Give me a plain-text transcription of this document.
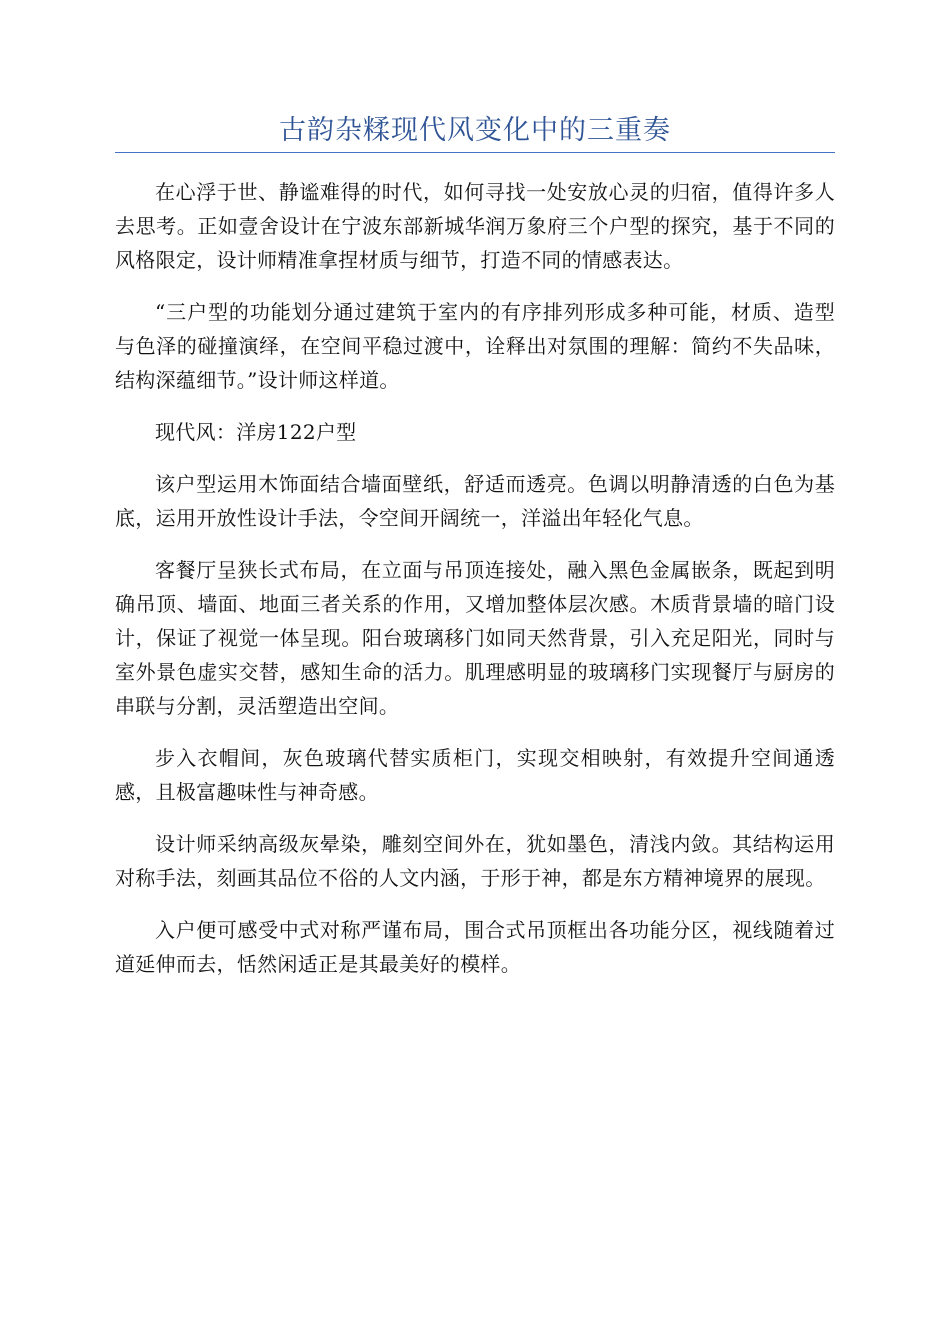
古韵杂糅现代风变化中的三重奏

在心浮于世、静谧难得的时代，如何寻找一处安放心灵的归宿，值得许多人去思考。正如壹舍设计在宁波东部新城华润万象府三个户型的探究，基于不同的风格限定，设计师精准拿捏材质与细节，打造不同的情感表达。

“三户型的功能划分通过建筑于室内的有序排列形成多种可能，材质、造型与色泽的碰撞演绎，在空间平稳过渡中，诠释出对氛围的理解：简约不失品味，结构深蕴细节。”设计师这样道。

现代风：洋房122户型

该户型运用木饰面结合墙面壁纸，舒适而透亮。色调以明静清透的白色为基底，运用开放性设计手法，令空间开阔统一，洋溢出年轻化气息。

客餐厅呈狭长式布局，在立面与吊顶连接处，融入黑色金属嵌条，既起到明确吊顶、墙面、地面三者关系的作用，又增加整体层次感。木质背景墙的暗门设计，保证了视觉一体呈现。阳台玻璃移门如同天然背景，引入充足阳光，同时与室外景色虚实交替，感知生命的活力。肌理感明显的玻璃移门实现餐厅与厨房的串联与分割，灵活塑造出空间。

步入衣帽间，灰色玻璃代替实质柜门，实现交相映射，有效提升空间通透感，且极富趣味性与神奇感。

设计师采纳高级灰晕染，雕刻空间外在，犹如墨色，清浅内敛。其结构运用对称手法，刻画其品位不俗的人文内涵，于形于神，都是东方精神境界的展现。

入户便可感受中式对称严谨布局，围合式吊顶框出各功能分区，视线随着过道延伸而去，恬然闲适正是其最美好的模样。
